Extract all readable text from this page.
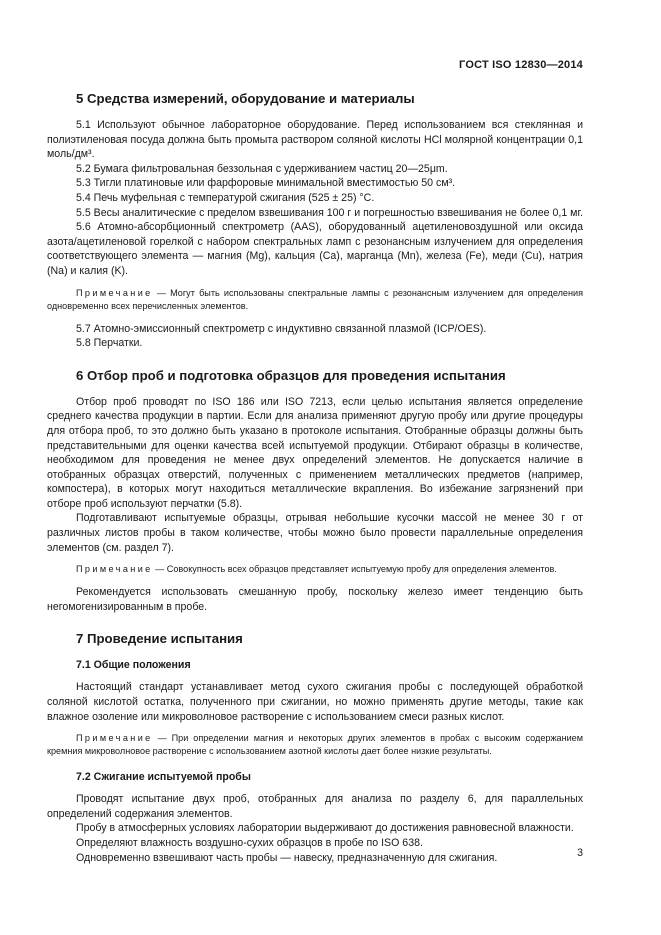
ГОСТ ISO 12830—2014
5 Средства измерений, оборудование и материалы

5.1 Используют обычное лабораторное оборудование. Перед использованием вся стеклянная и полиэтиленовая посуда должна быть промыта раствором соляной кислоты HCl молярной концентрации 0,1 моль/дм³.

5.2 Бумага фильтровальная беззольная с удерживанием частиц 20—25μm.

5.3 Тигли платиновые или фарфоровые минимальной вместимостью 50 см³.

5.4 Печь муфельная с температурой сжигания (525 ± 25) °С.

5.5 Весы аналитические с пределом взвешивания 100 г и погрешностью взвешивания не более 0,1 мг.

5.6 Атомно-абсорбционный спектрометр (AAS), оборудованный ацетиленовоздушной или оксида азота/ацетиленовой горелкой с набором спектральных ламп с резонансным излучением для определения соответствующего элемента — магния (Mg), кальция (Ca), марганца (Mn), железа (Fe), меди (Cu), натрия (Na) и калия (K).

Примечание — Могут быть использованы спектральные лампы с резонансным излучением для определения одновременно всех перечисленных элементов.

5.7 Атомно-эмиссионный спектрометр с индуктивно связанной плазмой (ICP/OES).

5.8 Перчатки.

6 Отбор проб и подготовка образцов для проведения испытания

Отбор проб проводят по ISO 186 или ISO 7213, если целью испытания является определение среднего качества продукции в партии. Если для анализа применяют другую пробу или другие процедуры для отбора проб, то это должно быть указано в протоколе испытания. Отобранные образцы должны быть представительными для оценки качества всей испытуемой продукции. Отбирают образцы в количестве, необходимом для проведения не менее двух определений элементов. Не допускается наличие в отобранных образцах отверстий, полученных с применением металлических предметов (например, компостера), в которых могут находиться металлические вкрапления. Во избежание загрязнений при отборе проб используют перчатки (5.8).

Подготавливают испытуемые образцы, отрывая небольшие кусочки массой не менее 30 г от различных листов пробы в таком количестве, чтобы можно было провести параллельные определения элементов (см. раздел 7).

Примечание — Совокупность всех образцов представляет испытуемую пробу для определения элементов.

Рекомендуется использовать смешанную пробу, поскольку железо имеет тенденцию быть негомогенизированным в пробе.

7 Проведение испытания
7.1 Общие положения

Настоящий стандарт устанавливает метод сухого сжигания пробы с последующей обработкой соляной кислотой остатка, полученного при сжигании, но можно применять другие методы, такие как влажное озоление или микроволновое растворение с использованием смеси разных кислот.

Примечание — При определении магния и некоторых других элементов в пробах с высоким содержанием кремния микроволновое растворение с использованием азотной кислоты дает более низкие результаты.
7.2 Сжигание испытуемой пробы

Проводят испытание двух проб, отобранных для анализа по разделу 6, для параллельных определений содержания элементов.

Пробу в атмосферных условиях лаборатории выдерживают до достижения равновесной влажности.

Определяют влажность воздушно-сухих образцов в пробе по ISO 638.

Одновременно взвешивают часть пробы — навеску, предназначенную для сжигания.	3
